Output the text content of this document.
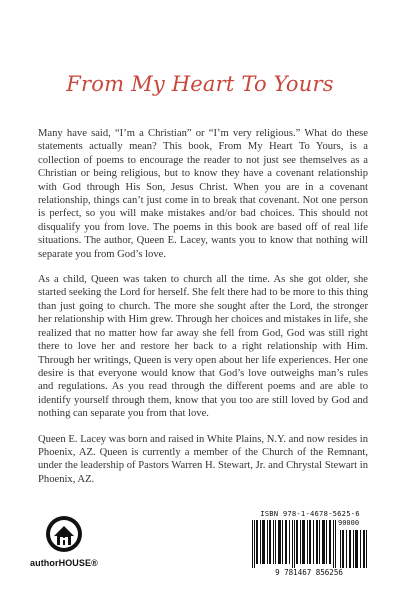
From My Heart To Yours

Many have said, “I’m a Christian” or “I’m very religious.” What do these statements actually mean? This book, From My Heart To Yours, is a collection of poems to encourage the reader to not just see themselves as a Christian or being religious, but to know they have a covenant relationship with God through His Son, Jesus Christ. When you are in a covenant relationship, things can’t just come in to break that covenant. Not one person is perfect, so you will make mistakes and/or bad choices. This should not disqualify you from love. The poems in this book are based off of real life situations. The author, Queen E. Lacey, wants you to know that nothing will separate you from God’s love.

As a child, Queen was taken to church all the time. As she got older, she started seeking the Lord for herself. She felt there had to be more to this thing than just going to church. The more she sought after the Lord, the stronger her relationship with Him grew. Through her choices and mistakes in life, she realized that no matter how far away she fell from God, God was still right there to love her and restore her back to a right relationship with Him. Through her writings, Queen is very open about her life experiences. Her one desire is that everyone would know that God’s love outweighs man’s rules and regulations. As you read through the different poems and are able to identify yourself through them, know that you too are still loved by God and nothing can separate you from that love.

Queen E. Lacey was born and raised in White Plains, N.Y. and now resides in Phoenix, AZ. Queen is currently a member of the Church of the Remnant, under the leadership of Pastors Warren H. Stewart, Jr. and Chrystal Stewart in Phoenix, AZ.

authorHOUSE®
ISBN 978-1-4678-5625-6
90000
9 781467 856256
